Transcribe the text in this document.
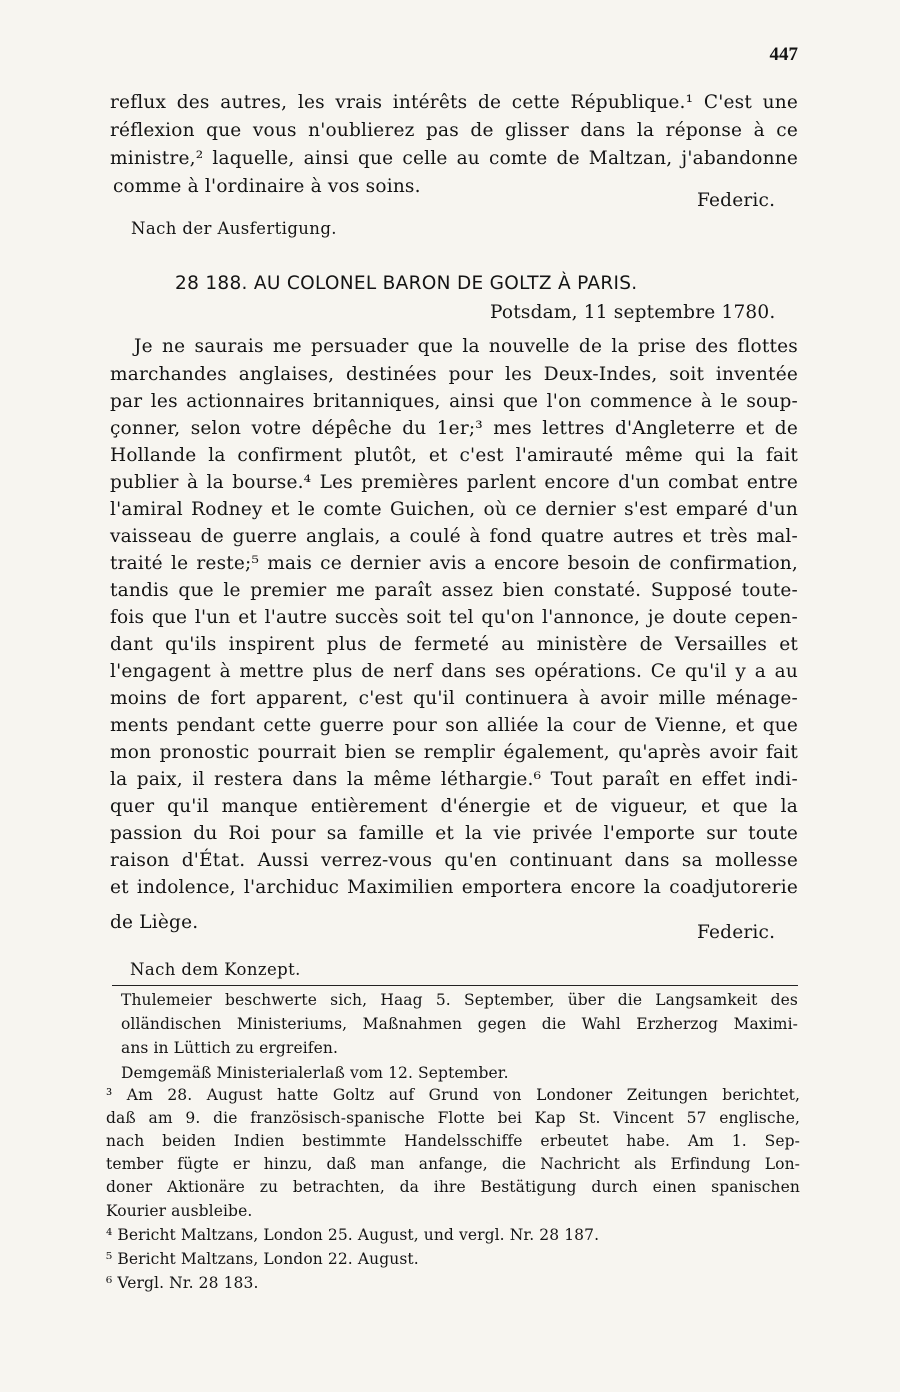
447
reflux des autres, les vrais intérêts de cette République.¹ C'est une
réflexion que vous n'oublierez pas de glisser dans la réponse à ce
ministre,² laquelle, ainsi que celle au comte de Maltzan, j'abandonne
comme à l'ordinaire à vos soins.
Federic.
Nach der Ausfertigung.
28 188. AU COLONEL BARON DE GOLTZ À PARIS.
Potsdam, 11 septembre 1780.
Je ne saurais me persuader que la nouvelle de la prise des flottes
marchandes anglaises, destinées pour les Deux-Indes, soit inventée
par les actionnaires britanniques, ainsi que l'on commence à le soup-
çonner, selon votre dépêche du 1er;³ mes lettres d'Angleterre et de
Hollande la confirment plutôt, et c'est l'amirauté même qui la fait
publier à la bourse.⁴ Les premières parlent encore d'un combat entre
l'amiral Rodney et le comte Guichen, où ce dernier s'est emparé d'un
vaisseau de guerre anglais, a coulé à fond quatre autres et très mal-
traité le reste;⁵ mais ce dernier avis a encore besoin de confirmation,
tandis que le premier me paraît assez bien constaté. Supposé toute-
fois que l'un et l'autre succès soit tel qu'on l'annonce, je doute cepen-
dant qu'ils inspirent plus de fermeté au ministère de Versailles et
l'engagent à mettre plus de nerf dans ses opérations. Ce qu'il y a au
moins de fort apparent, c'est qu'il continuera à avoir mille ménage-
ments pendant cette guerre pour son alliée la cour de Vienne, et que
mon pronostic pourrait bien se remplir également, qu'après avoir fait
la paix, il restera dans la même léthargie.⁶ Tout paraît en effet indi-
quer qu'il manque entièrement d'énergie et de vigueur, et que la
passion du Roi pour sa famille et la vie privée l'emporte sur toute
raison d'État. Aussi verrez-vous qu'en continuant dans sa mollesse
et indolence, l'archiduc Maximilien emportera encore la coadjutorerie
de Liège.	Federic.
Nach dem Konzept.
Thulemeier beschwerte sich, Haag 5. September, über die Langsamkeit des
olländischen Ministeriums, Maßnahmen gegen die Wahl Erzherzog Maximi-
ans in Lüttich zu ergreifen.
Demgemäß Ministerialerlaß vom 12. September.
³ Am 28. August hatte Goltz auf Grund von Londoner Zeitungen berichtet,
daß am 9. die französisch-spanische Flotte bei Kap St. Vincent 57 englische,
nach beiden Indien bestimmte Handelsschiffe erbeutet habe. Am 1. Sep-
tember fügte er hinzu, daß man anfange, die Nachricht als Erfindung Lon-
doner Aktionäre zu betrachten, da ihre Bestätigung durch einen spanischen
Kourier ausbleibe.
⁴ Bericht Maltzans, London 25. August, und vergl. Nr. 28 187.
⁵ Bericht Maltzans, London 22. August.
⁶ Vergl. Nr. 28 183.
